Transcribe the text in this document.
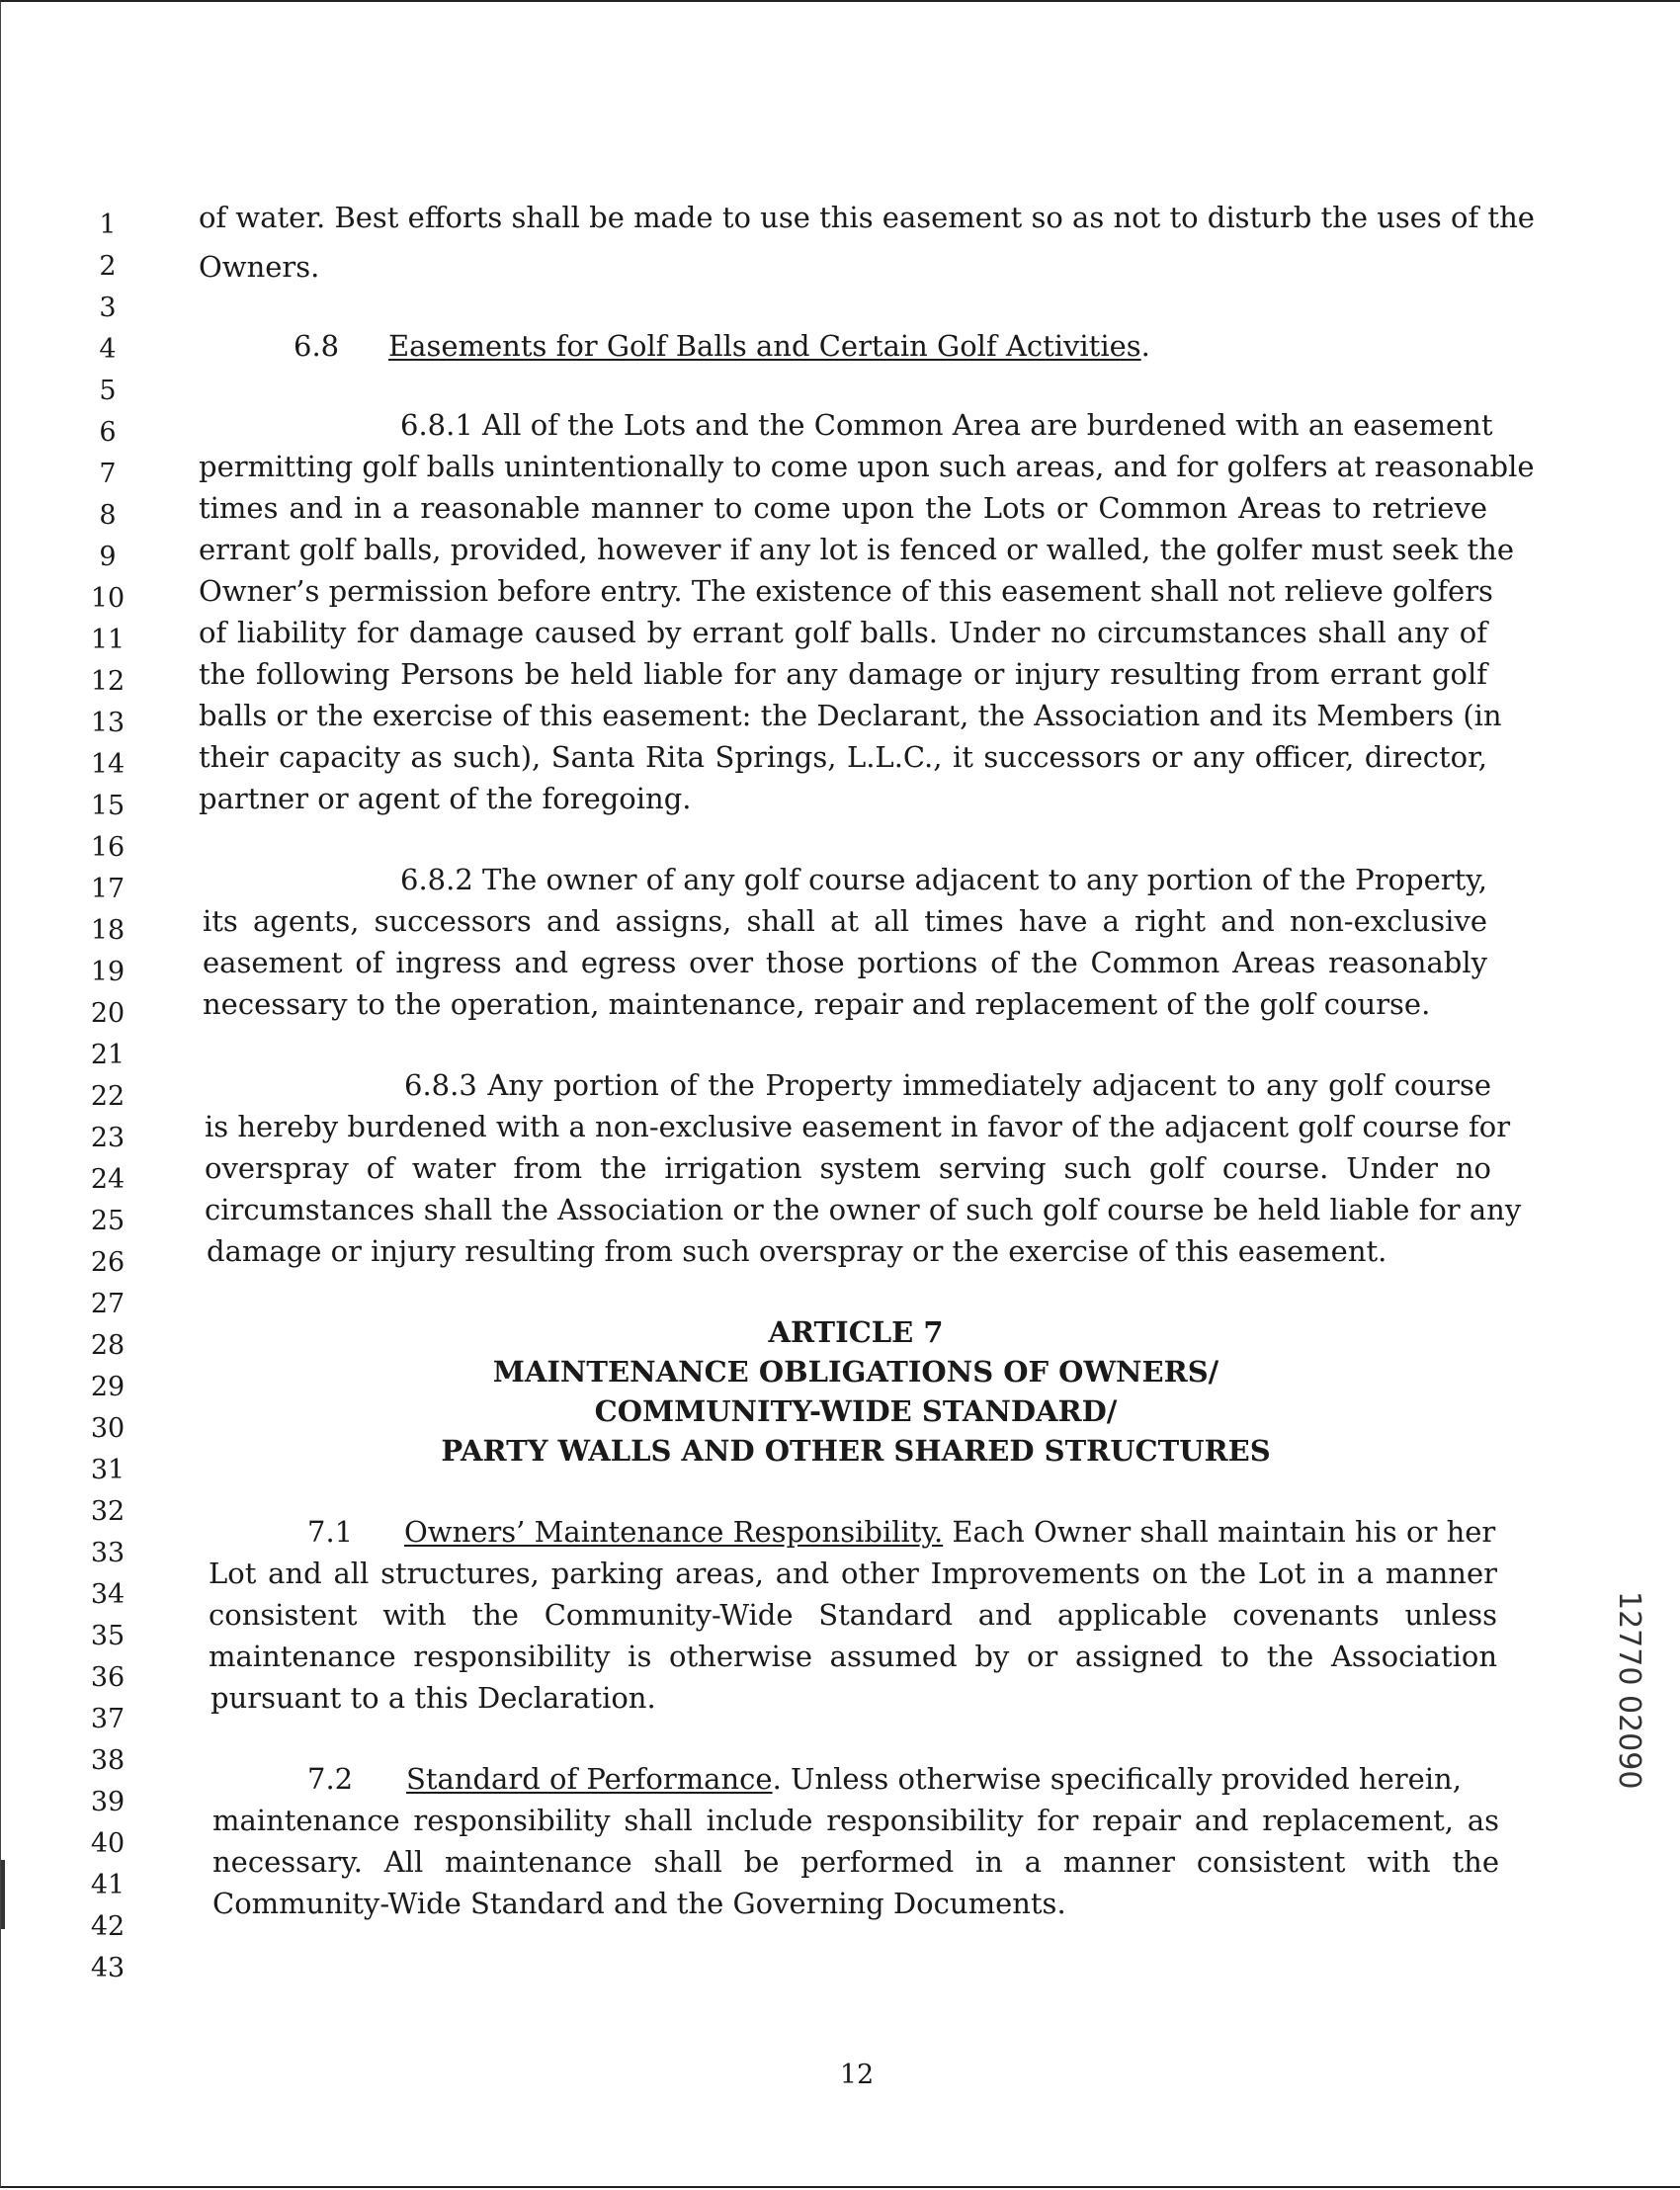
1
2
3
4
5
6
7
8
9
10
11
12
13
14
15
16
17
18
19
20
21
22
23
24
25
26
27
28
29
30
31
32
33
34
35
36
37
38
39
40
41
42
43
of water. Best efforts shall be made to use this easement so as not to disturb the uses of the
Owners.
6.8 Easements for Golf Balls and Certain Golf Activities.
6.8.1 All of the Lots and the Common Area are burdened with an easement
permitting golf balls unintentionally to come upon such areas, and for golfers at reasonable
times and in a reasonable manner to come upon the Lots or Common Areas to retrieve
errant golf balls, provided, however if any lot is fenced or walled, the golfer must seek the
Owner’s permission before entry. The existence of this easement shall not relieve golfers
of liability for damage caused by errant golf balls. Under no circumstances shall any of
the following Persons be held liable for any damage or injury resulting from errant golf
balls or the exercise of this easement: the Declarant, the Association and its Members (in
their capacity as such), Santa Rita Springs, L.L.C., it successors or any officer, director,
partner or agent of the foregoing.
6.8.2 The owner of any golf course adjacent to any portion of the Property,
its agents, successors and assigns, shall at all times have a right and non-exclusive
easement of ingress and egress over those portions of the Common Areas reasonably
necessary to the operation, maintenance, repair and replacement of the golf course.
6.8.3 Any portion of the Property immediately adjacent to any golf course
is hereby burdened with a non-exclusive easement in favor of the adjacent golf course for
overspray of water from the irrigation system serving such golf course. Under no
circumstances shall the Association or the owner of such golf course be held liable for any
damage or injury resulting from such overspray or the exercise of this easement.
ARTICLE 7
MAINTENANCE OBLIGATIONS OF OWNERS/
COMMUNITY-WIDE STANDARD/
PARTY WALLS AND OTHER SHARED STRUCTURES
7.1 Owners’ Maintenance Responsibility. Each Owner shall maintain his or her
Lot and all structures, parking areas, and other Improvements on the Lot in a manner
consistent with the Community-Wide Standard and applicable covenants unless
maintenance responsibility is otherwise assumed by or assigned to the Association
pursuant to a this Declaration.
7.2 Standard of Performance. Unless otherwise specifically provided herein,
maintenance responsibility shall include responsibility for repair and replacement, as
necessary. All maintenance shall be performed in a manner consistent with the
Community-Wide Standard and the Governing Documents.
12
12770 02090
